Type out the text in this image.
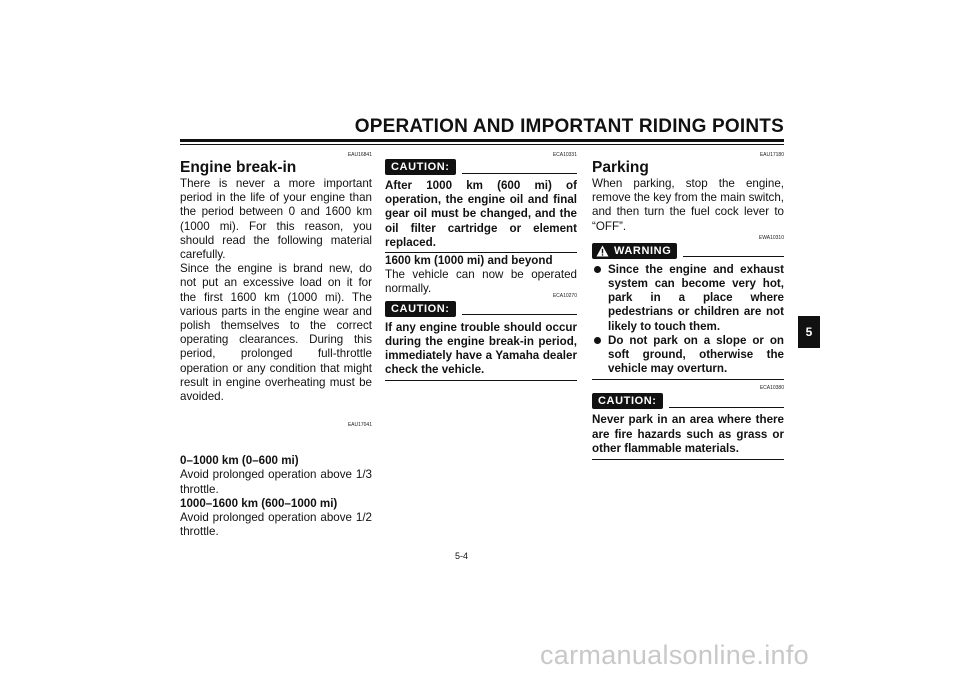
OPERATION AND IMPORTANT RIDING POINTS
EAU16841
Engine break-in
There is never a more important period in the life of your engine than the period between 0 and 1600 km (1000 mi). For this reason, you should read the following material carefully.
Since the engine is brand new, do not put an excessive load on it for the first 1600 km (1000 mi). The various parts in the engine wear and polish themselves to the correct operating clearances. During this period, prolonged full-throttle operation or any condition that might result in engine overheating must be avoided.
EAU17041
0–1000 km (0–600 mi)
Avoid prolonged operation above 1/3 throttle.
1000–1600 km (600–1000 mi)
Avoid prolonged operation above 1/2 throttle.
ECA10331
CAUTION:
After 1000 km (600 mi) of operation, the engine oil and final gear oil must be changed, and the oil filter cartridge or element replaced.
1600 km (1000 mi) and beyond
The vehicle can now be operated normally.
ECA10270
CAUTION:
If any engine trouble should occur during the engine break-in period, immediately have a Yamaha dealer check the vehicle.
EAU17180
Parking
When parking, stop the engine, remove the key from the main switch, and then turn the fuel cock lever to “OFF”.
EWA10310
WARNING
Since the engine and exhaust system can become very hot, park in a place where pedestrians or children are not likely to touch them.
Do not park on a slope or on soft ground, otherwise the vehicle may overturn.
ECA10380
CAUTION:
Never park in an area where there are fire hazards such as grass or other flammable materials.
5
5-4
carmanualsonline.info
